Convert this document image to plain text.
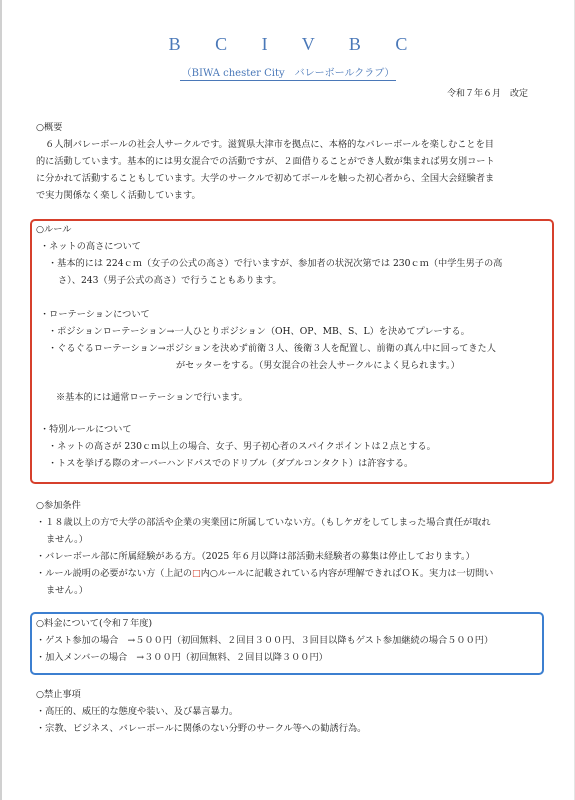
B C I V B C
（BIWA chester City　バレーボールクラブ）
令和７年６月　改定

○概要

　６人制バレーボールの社会人サークルです。滋賀県大津市を拠点に、本格的なバレーボールを楽しむことを目

的に活動しています。基本的には男女混合での活動ですが、２面借りることができ人数が集まれば男女別コート

に分かれて活動することもしています。大学のサークルで初めてボールを触った初心者から、全国大会経験者ま

で実力関係なく楽しく活動しています。

○ルール

・ネットの高さについて

・基本的には 224ｃｍ（女子の公式の高さ）で行いますが、参加者の状況次第では 230ｃｍ（中学生男子の高

さ）、243（男子公式の高さ）で行うこともあります。

・ローテーションについて

・ポジションローテーション→一人ひとりポジション（OH、OP、MB、S、L）を決めてプレーする。

・ぐるぐるローテーション→ポジションを決めず前衛３人、後衛３人を配置し、前衛の真ん中に回ってきた人

がセッターをする。（男女混合の社会人サークルによく見られます。）

※基本的には通常ローテーションで行います。

・特別ルールについて

・ネットの高さが 230ｃｍ以上の場合、女子、男子初心者のスパイクポイントは２点とする。

・トスを挙げる際のオーバーハンドパスでのドリブル（ダブルコンタクト）は許容する。

○参加条件

・１８歳以上の方で大学の部活や企業の実業団に所属していない方。（もしケガをしてしまった場合責任が取れ

ません。）

・バレーボール部に所属経験がある方。（2025 年６月以降は部活動未経験者の募集は停止しております。）

・ルール説明の必要がない方（上記の□内○ルールに記載されている内容が理解できればＯＫ。実力は一切問い

ません。）

○料金について(令和７年度)

・ゲスト参加の場合　→５００円（初回無料、２回目３００円、３回目以降もゲスト参加継続の場合５００円）

・加入メンバーの場合　→３００円（初回無料、２回目以降３００円）

○禁止事項

・高圧的、威圧的な態度や装い、及び暴言暴力。

・宗教、ビジネス、バレーボールに関係のない分野のサークル等への勧誘行為。
